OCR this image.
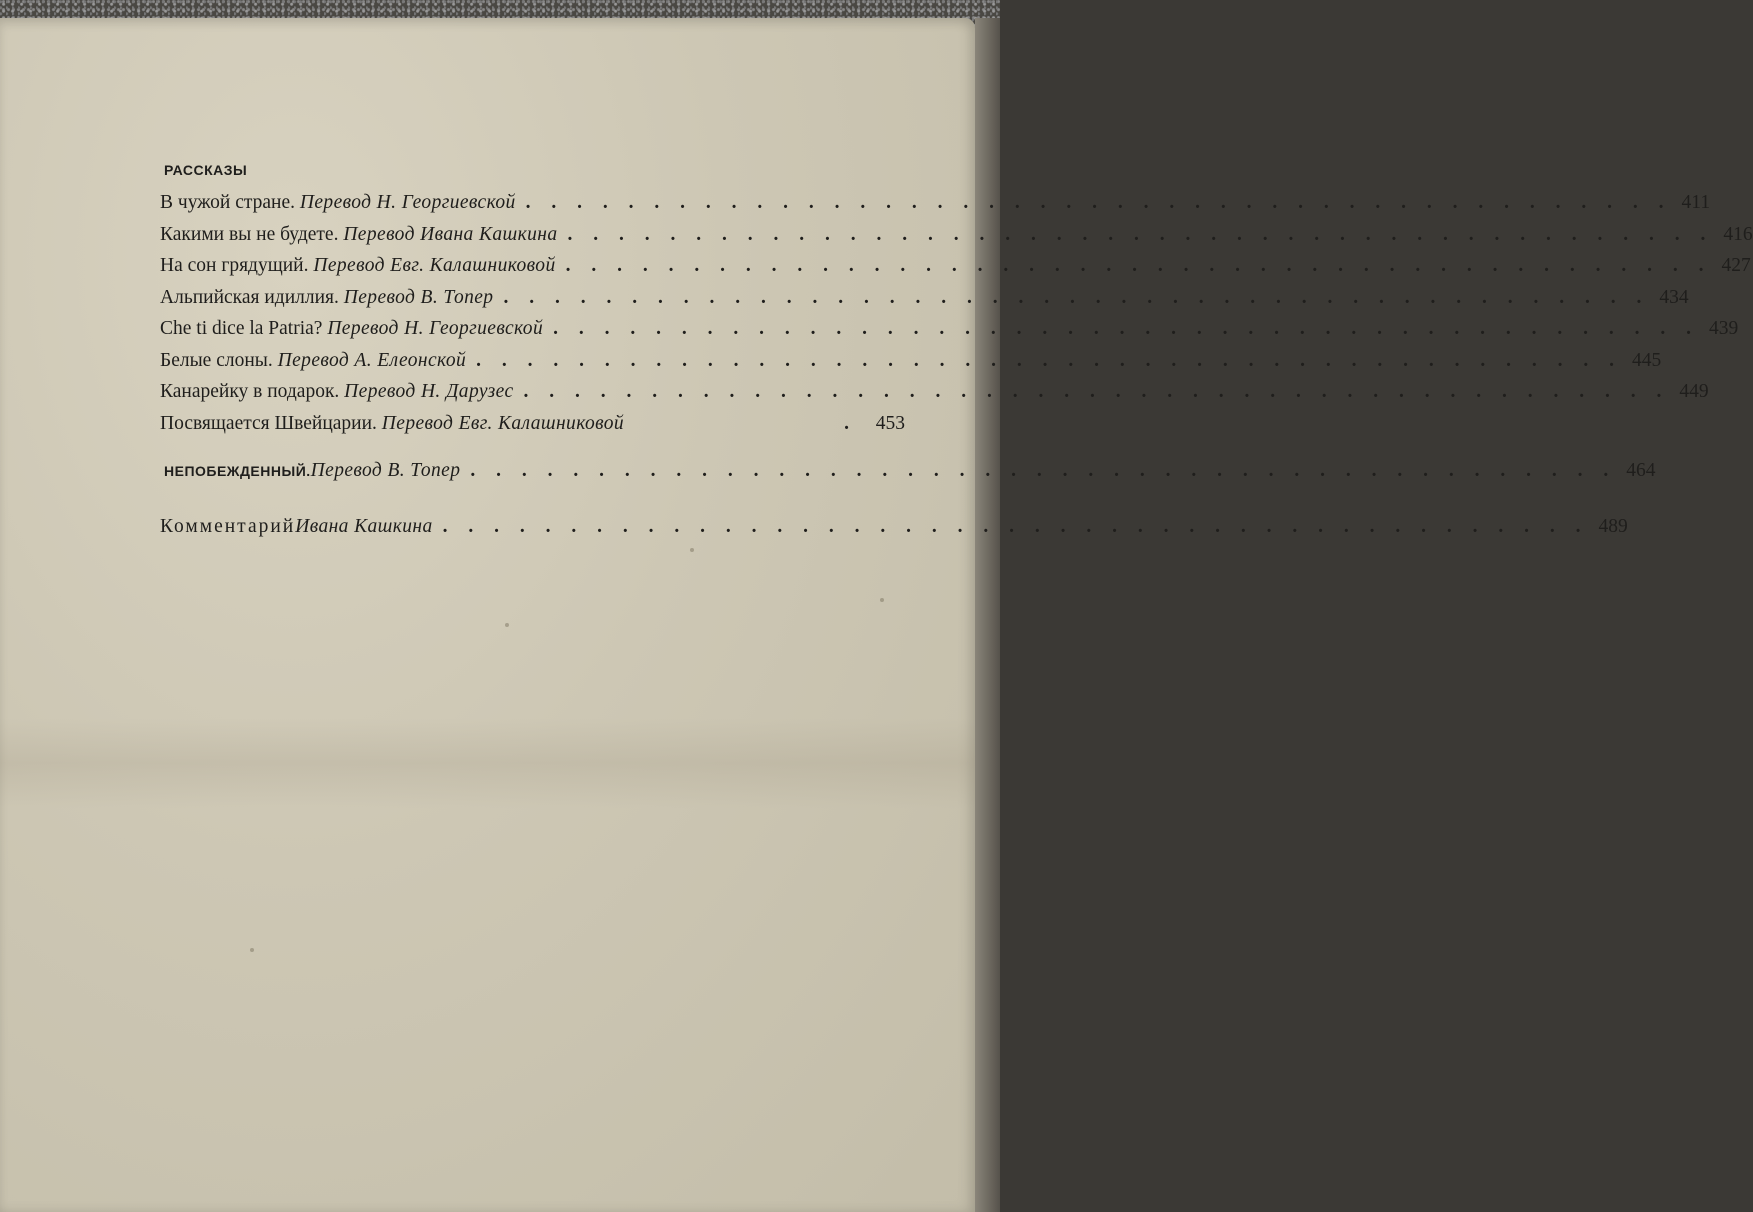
РАССКАЗЫ
В чужой стране.
Перевод Н. Георгиевской . . . . . . . . . . . . . . . . . . . . . . . . . . . . . . . . . . . . . . . . . . . . . 411
Какими вы не будете.
Перевод Ивана Кашкина . . . . . . . . . . . . . . . . . . . . . . . . . . . . . . . . . . . . . . . . . . . . . 416
На сон грядущий.
Перевод Евг. Калашниковой . . . . . . . . . . . . . . . . . . . . . . . . . . . . . . . . . . . . . . . . . . . . . 427
Альпийская идиллия.
Перевод В. Топер . . . . . . . . . . . . . . . . . . . . . . . . . . . . . . . . . . . . . . . . . . . . . 434
Che ti dice la Patria?
Перевод Н. Георгиевской . . . . . . . . . . . . . . . . . . . . . . . . . . . . . . . . . . . . . . . . . . . . . 439
Белые слоны.
Перевод А. Елеонской . . . . . . . . . . . . . . . . . . . . . . . . . . . . . . . . . . . . . . . . . . . . . 445
Канарейку в подарок.
Перевод Н. Дарузес . . . . . . . . . . . . . . . . . . . . . . . . . . . . . . . . . . . . . . . . . . . . . 449
Посвящается Швейцарии.
Перевод Евг. Калашниковой	. 453
НЕПОБЕЖДЕННЫЙ. Перевод В. Топер . . . . . . . . . . . . . . . . . . . . . . . . . . . . . . . . . . . . . . . . . . . . . 464
Комментарий Ивана Кашкина . . . . . . . . . . . . . . . . . . . . . . . . . . . . . . . . . . . . . . . . . . . . . 489
